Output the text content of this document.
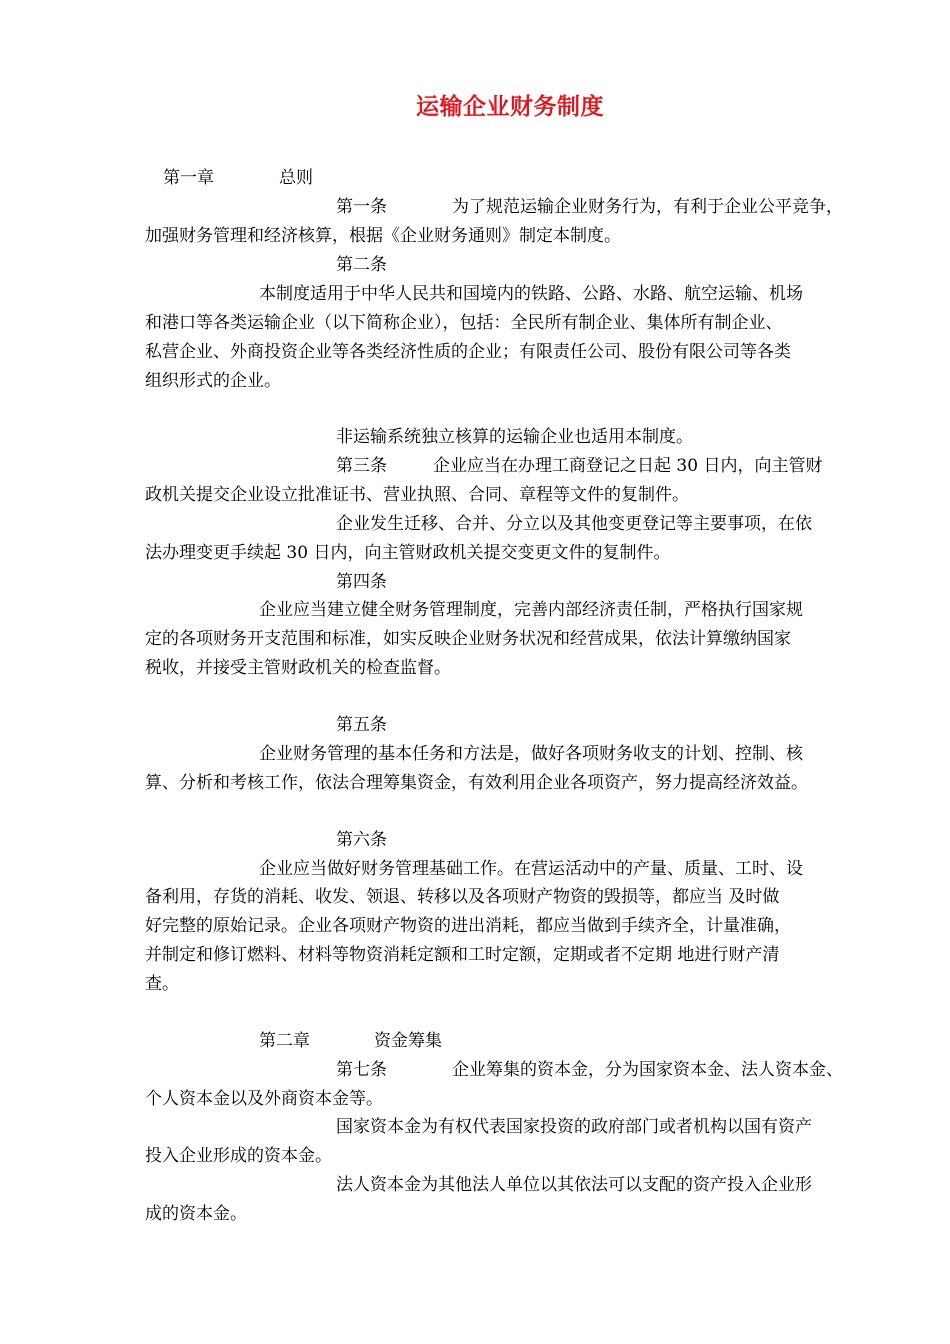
运输企业财务制度
第一章	总则
第一条	为了规范运输企业财务行为，有利于企业公平竞争，
加强财务管理和经济核算，根据《企业财务通则》制定本制度。
第二条
本制度适用于中华人民共和国境内的铁路、公路、水路、航空运输、机场
和港口等各类运输企业（以下简称企业），包括：全民所有制企业、集体所有制企业、
私营企业、外商投资企业等各类经济性质的企业；有限责任公司、股份有限公司等各类
组织形式的企业。
非运输系统独立核算的运输企业也适用本制度。
第三条	企业应当在办理工商登记之日起 30 日内，向主管财
政机关提交企业设立批准证书、营业执照、合同、章程等文件的复制件。
企业发生迁移、合并、分立以及其他变更登记等主要事项，在依
法办理变更手续起 30 日内，向主管财政机关提交变更文件的复制件。
第四条
企业应当建立健全财务管理制度，完善内部经济责任制，严格执行国家规
定的各项财务开支范围和标准，如实反映企业财务状况和经营成果，依法计算缴纳国家
税收，并接受主管财政机关的检查监督。
第五条
企业财务管理的基本任务和方法是，做好各项财务收支的计划、控制、核
算、分析和考核工作，依法合理筹集资金，有效利用企业各项资产，努力提高经济效益。
第六条
企业应当做好财务管理基础工作。在营运活动中的产量、质量、工时、设
备利用，存货的消耗、收发、领退、转移以及各项财产物资的毁损等，都应当 及时做
好完整的原始记录。企业各项财产物资的进出消耗，都应当做到手续齐全，计量准确，
并制定和修订燃料、材料等物资消耗定额和工时定额，定期或者不定期 地进行财产清
查。
第二章	资金筹集
第七条	企业筹集的资本金，分为国家资本金、法人资本金、
个人资本金以及外商资本金等。
国家资本金为有权代表国家投资的政府部门或者机构以国有资产
投入企业形成的资本金。
法人资本金为其他法人单位以其依法可以支配的资产投入企业形
成的资本金。
